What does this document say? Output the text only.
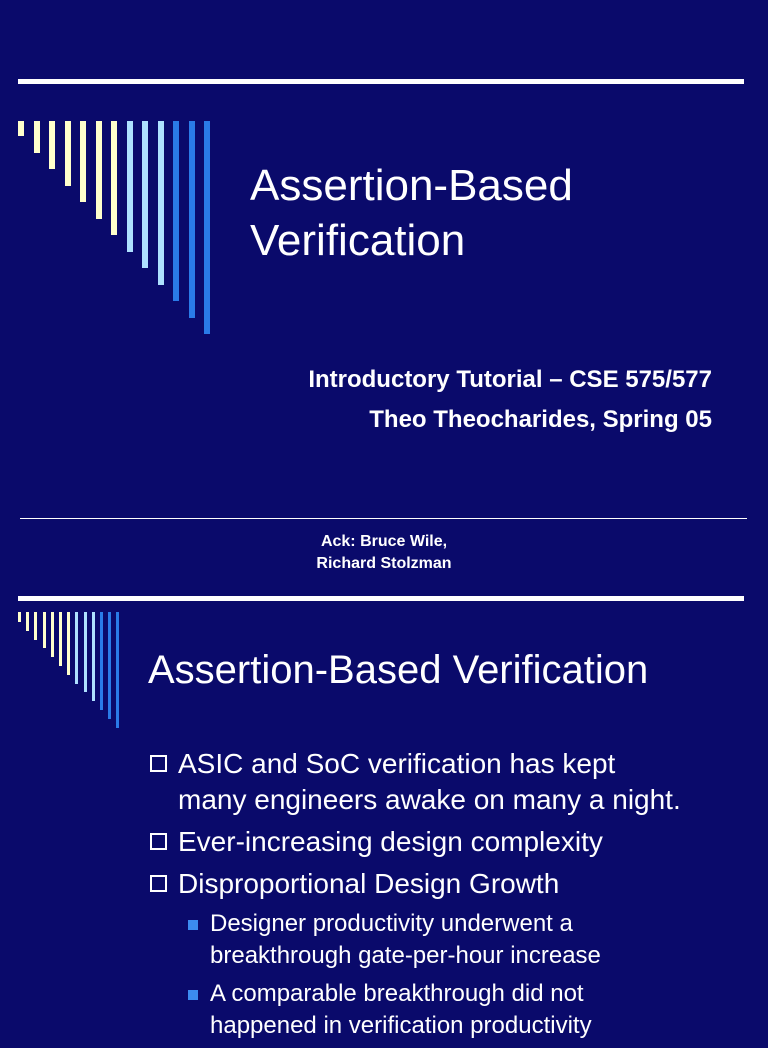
Assertion-Based
Verification
Introductory Tutorial – CSE 575/577
Theo Theocharides, Spring 05
Ack: Bruce Wile,
Richard Stolzman
Assertion-Based Verification
ASIC and SoC verification has kept
many engineers awake on many a night.
Ever-increasing design complexity
Disproportional Design Growth
Designer productivity underwent a
breakthrough gate-per-hour increase
A comparable breakthrough did not
happened in verification productivity
